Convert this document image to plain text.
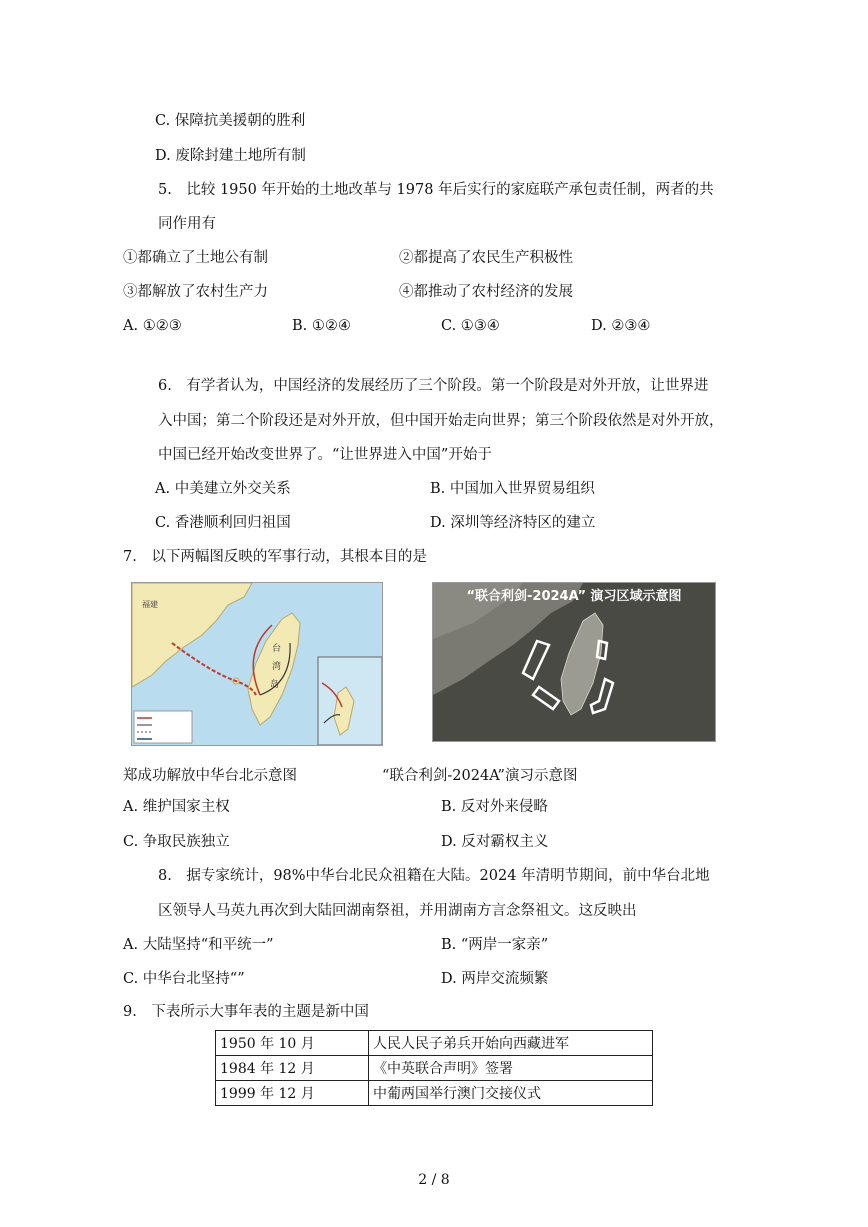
C. 保障抗美援朝的胜利
D. 废除封建土地所有制
5.　比较 1950 年开始的土地改革与 1978 年后实行的家庭联产承包责任制，两者的共
同作用有
①都确立了土地公有制	②都提高了农民生产积极性
③都解放了农村生产力	④都推动了农村经济的发展
A. ①②③	B. ①②④	C. ①③④	D. ②③④
6.　有学者认为，中国经济的发展经历了三个阶段。第一个阶段是对外开放，让世界进
入中国；第二个阶段还是对外开放，但中国开始走向世界；第三个阶段依然是对外开放，
中国已经开始改变世界了。“让世界进入中国”开始于
A. 中美建立外交关系	B. 中国加入世界贸易组织
C. 香港顺利回归祖国	D. 深圳等经济特区的建立
7.　以下两幅图反映的军事行动，其根本目的是
福建
台
湾
岛
“联合利剑-2024A” 演习区域示意图
郑成功解放中华台北示意图	“联合利剑-2024A”演习示意图
A. 维护国家主权	B. 反对外来侵略
C. 争取民族独立	D. 反对霸权主义
8.　据专家统计，98%中华台北民众祖籍在大陆。2024 年清明节期间，前中华台北地
区领导人马英九再次到大陆回湖南祭祖，并用湖南方言念祭祖文。这反映出
A. 大陆坚持“和平统一”	B. “两岸一家亲”
C. 中华台北坚持“”	D. 两岸交流频繁
9.　下表所示大事年表的主题是新中国
1950 年 10 月	人民人民子弟兵开始向西藏进军
1984 年 12 月	《中英联合声明》签署
1999 年 12 月	中葡两国举行澳门交接仪式
2 / 8
